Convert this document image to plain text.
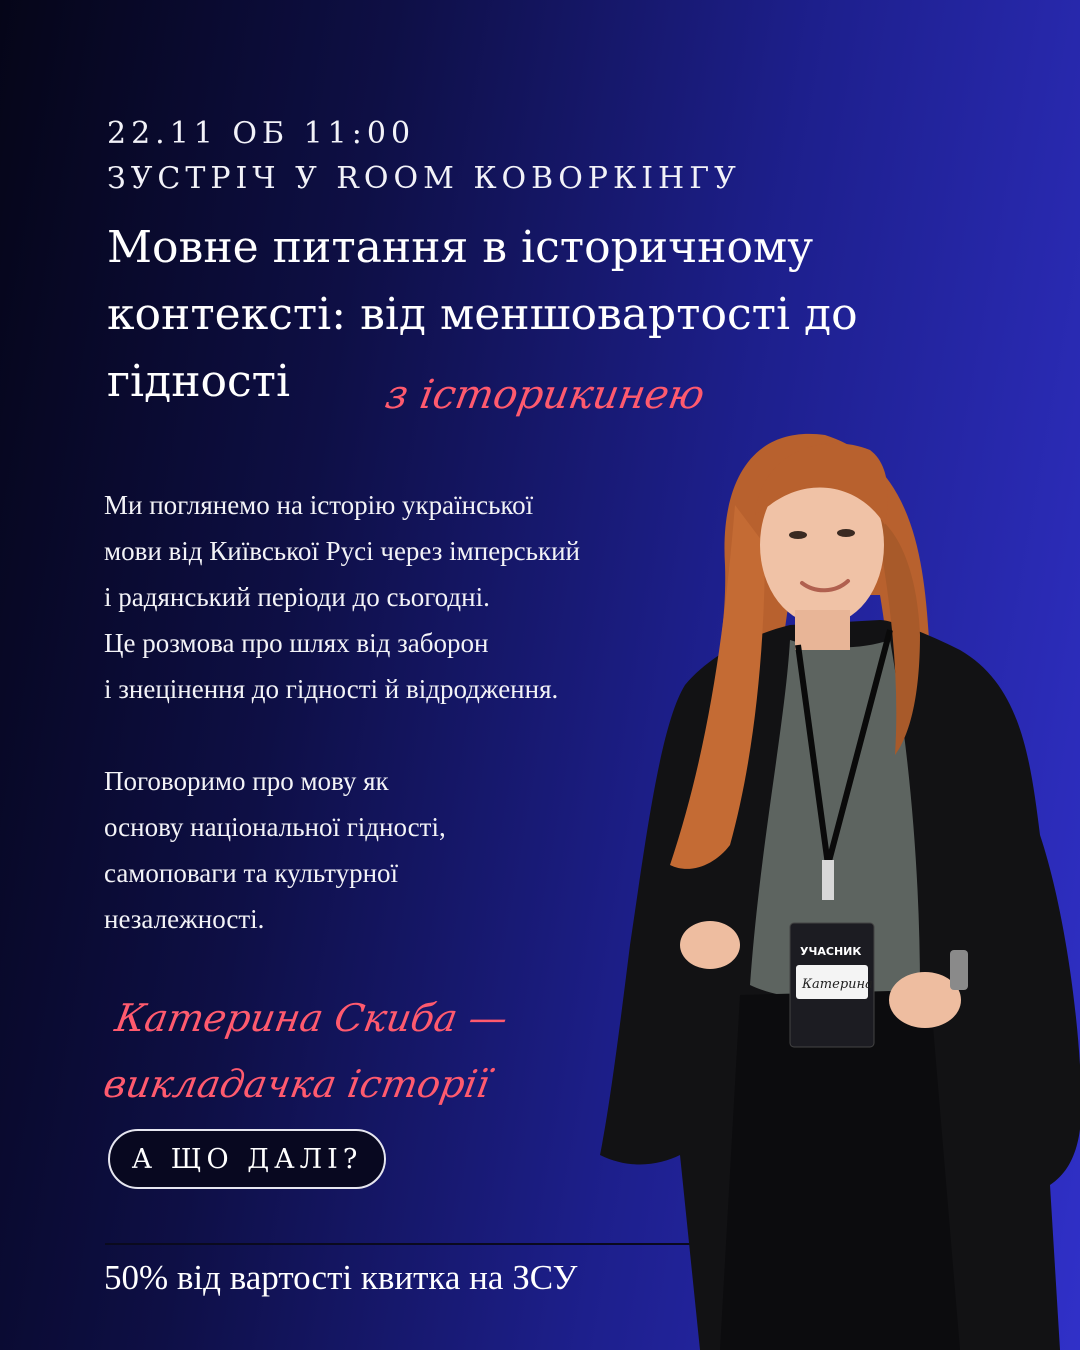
22.11 ОБ 11:00
ЗУСТРІЧ У ROOM КОВОРКІНГУ
Мовне питання в історичному контексті: від меншовартості до гідності	з історикинею
Ми поглянемо на історію української
мови від Київської Русі через імперський
і радянський періоди до сьогодні.
Це розмова про шлях від заборон
і знецінення до гідності й відродження.
Поговоримо про мову як
основу національної гідності,
самоповаги та культурної
незалежності.
Катерина Скиба —
викладачка історії
А ЩО ДАЛІ?
50% від вартості квитка на ЗСУ
УЧАСНИК
Катерина
